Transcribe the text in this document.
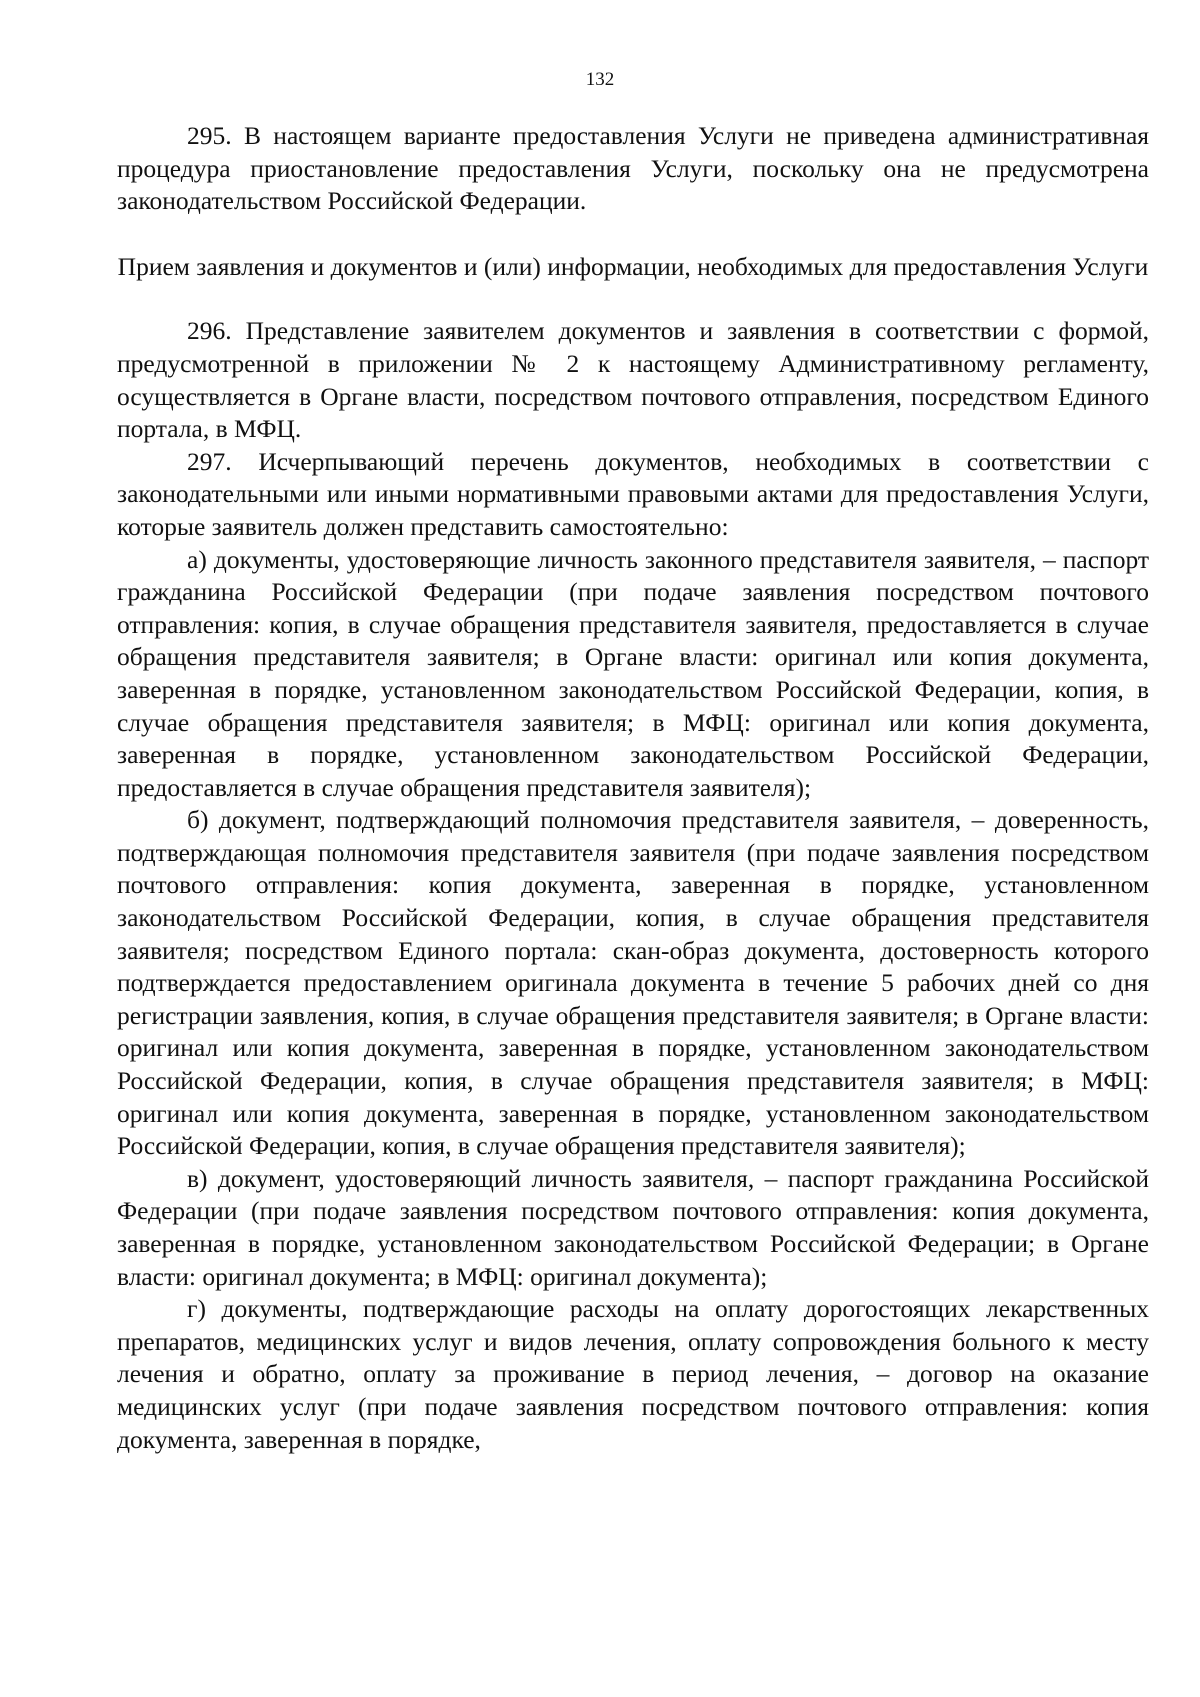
132

295. В настоящем варианте предоставления Услуги не приведена административная процедура приостановление предоставления Услуги, поскольку она не предусмотрена законодательством Российской Федерации.

Прием заявления и документов и (или) информации, необходимых для предоставления Услуги

296. Представление заявителем документов и заявления в соответствии с формой, предусмотренной в приложении № 2 к настоящему Административному регламенту, осуществляется в Органе власти, посредством почтового отправления, посредством Единого портала, в МФЦ.

297. Исчерпывающий перечень документов, необходимых в соответствии с законодательными или иными нормативными правовыми актами для предоставления Услуги, которые заявитель должен представить самостоятельно:

а) документы, удостоверяющие личность законного представителя заявителя, – паспорт гражданина Российской Федерации (при подаче заявления посредством почтового отправления: копия, в случае обращения представителя заявителя, предоставляется в случае обращения представителя заявителя; в Органе власти: оригинал или копия документа, заверенная в порядке, установленном законодательством Российской Федерации, копия, в случае обращения представителя заявителя; в МФЦ: оригинал или копия документа, заверенная в порядке, установленном законодательством Российской Федерации, предоставляется в случае обращения представителя заявителя);

б) документ, подтверждающий полномочия представителя заявителя, – доверенность, подтверждающая полномочия представителя заявителя (при подаче заявления посредством почтового отправления: копия документа, заверенная в порядке, установленном законодательством Российской Федерации, копия, в случае обращения представителя заявителя; посредством Единого портала: скан-образ документа, достоверность которого подтверждается предоставлением оригинала документа в течение 5 рабочих дней со дня регистрации заявления, копия, в случае обращения представителя заявителя; в Органе власти: оригинал или копия документа, заверенная в порядке, установленном законодательством Российской Федерации, копия, в случае обращения представителя заявителя; в МФЦ: оригинал или копия документа, заверенная в порядке, установленном законодательством Российской Федерации, копия, в случае обращения представителя заявителя);

в) документ, удостоверяющий личность заявителя, – паспорт гражданина Российской Федерации (при подаче заявления посредством почтового отправления: копия документа, заверенная в порядке, установленном законодательством Российской Федерации; в Органе власти: оригинал документа; в МФЦ: оригинал документа);

г) документы, подтверждающие расходы на оплату дорогостоящих лекарственных препаратов, медицинских услуг и видов лечения, оплату сопровождения больного к месту лечения и обратно, оплату за проживание в период лечения, – договор на оказание медицинских услуг (при подаче заявления посредством почтового отправления: копия документа, заверенная в порядке,
